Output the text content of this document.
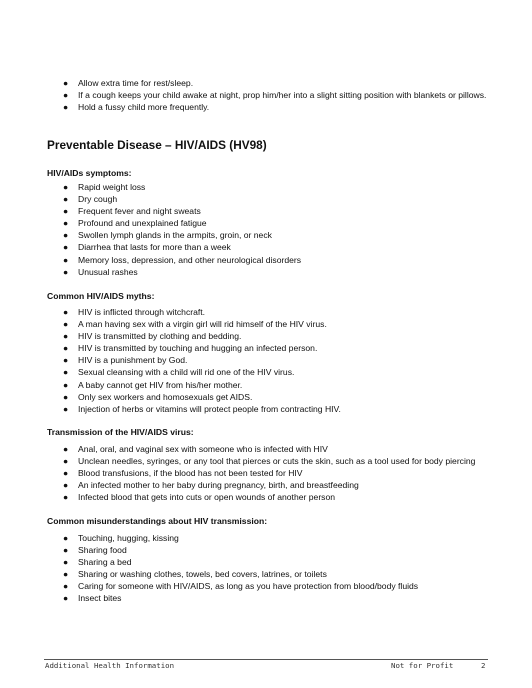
● Allow extra time for rest/sleep.
● If a cough keeps your child awake at night, prop him/her into a slight sitting position with blankets or pillows.
● Hold a fussy child more frequently.
Preventable Disease – HIV/AIDS (HV98)
HIV/AIDs symptoms:
● Rapid weight loss
● Dry cough
● Frequent fever and night sweats
● Profound and unexplained fatigue
● Swollen lymph glands in the armpits, groin, or neck
● Diarrhea that lasts for more than a week
● Memory loss, depression, and other neurological disorders
● Unusual rashes
Common HIV/AIDS myths:
● HIV is inflicted through witchcraft.
● A man having sex with a virgin girl will rid himself of the HIV virus.
● HIV is transmitted by clothing and bedding.
● HIV is transmitted by touching and hugging an infected person.
● HIV is a punishment by God.
● Sexual cleansing with a child will rid one of the HIV virus.
● A baby cannot get HIV from his/her mother.
● Only sex workers and homosexuals get AIDS.
● Injection of herbs or vitamins will protect people from contracting HIV.
Transmission of the HIV/AIDS virus:
● Anal, oral, and vaginal sex with someone who is infected with HIV
● Unclean needles, syringes, or any tool that pierces or cuts the skin, such as a tool used for body piercing
● Blood transfusions, if the blood has not been tested for HIV
● An infected mother to her baby during pregnancy, birth, and breastfeeding
● Infected blood that gets into cuts or open wounds of another person
Common misunderstandings about HIV transmission:
● Touching, hugging, kissing
● Sharing food
● Sharing a bed
● Sharing or washing clothes, towels, bed covers, latrines, or toilets
● Caring for someone with HIV/AIDS, as long as you have protection from blood/body fluids
● Insect bites
Additional Health Information	Not for Profit	2
